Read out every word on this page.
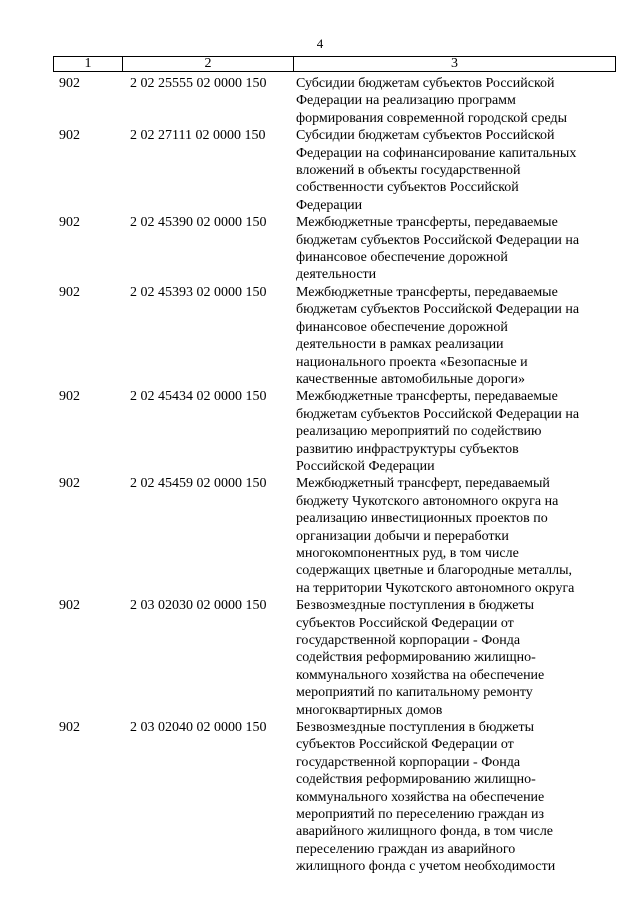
4
1	2	3
902	2 02 25555 02 0000 150	Субсидии бюджетам субъектов Российской
Федерации на реализацию программ
формирования современной городской среды
902	2 02 27111 02 0000 150	Субсидии бюджетам субъектов Российской
Федерации на софинансирование капитальных
вложений в объекты государственной
собственности субъектов Российской
Федерации
902	2 02 45390 02 0000 150	Межбюджетные трансферты, передаваемые
бюджетам субъектов Российской Федерации на
финансовое обеспечение дорожной
деятельности
902	2 02 45393 02 0000 150	Межбюджетные трансферты, передаваемые
бюджетам субъектов Российской Федерации на
финансовое обеспечение дорожной
деятельности в рамках реализации
национального проекта «Безопасные и
качественные автомобильные дороги»
902	2 02 45434 02 0000 150	Межбюджетные трансферты, передаваемые
бюджетам субъектов Российской Федерации на
реализацию мероприятий по содействию
развитию инфраструктуры субъектов
Российской Федерации
902	2 02 45459 02 0000 150	Межбюджетный трансферт, передаваемый
бюджету Чукотского автономного округа на
реализацию инвестиционных проектов по
организации добычи и переработки
многокомпонентных руд, в том числе
содержащих цветные и благородные металлы,
на территории Чукотского автономного округа
902	2 03 02030 02 0000 150	Безвозмездные поступления в бюджеты
субъектов Российской Федерации от
государственной корпорации - Фонда
содействия реформированию жилищно-
коммунального хозяйства на обеспечение
мероприятий по капитальному ремонту
многоквартирных домов
902	2 03 02040 02 0000 150	Безвозмездные поступления в бюджеты
субъектов Российской Федерации от
государственной корпорации - Фонда
содействия реформированию жилищно-
коммунального хозяйства на обеспечение
мероприятий по переселению граждан из
аварийного жилищного фонда, в том числе
переселению граждан из аварийного
жилищного фонда с учетом необходимости
